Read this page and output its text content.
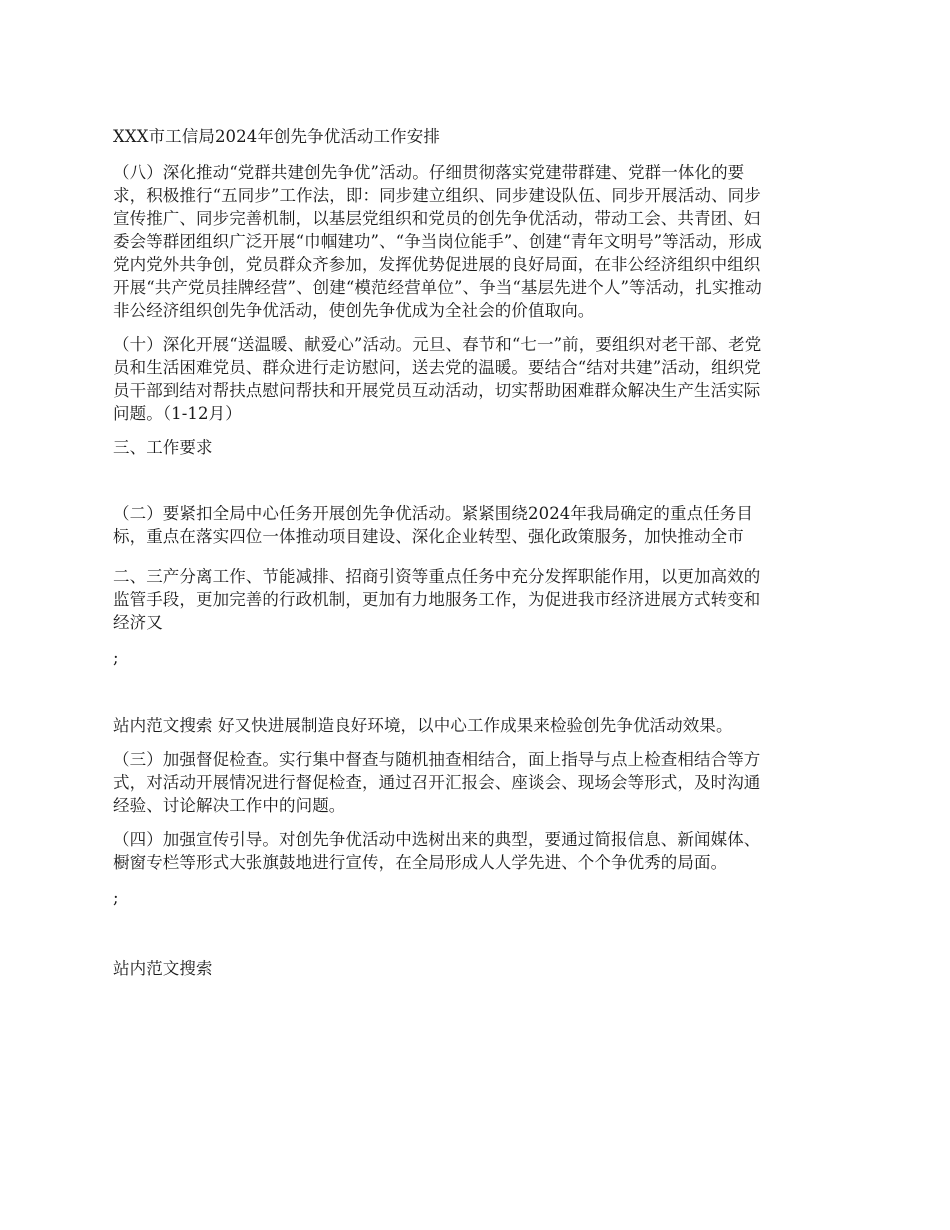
XXX市工信局2024年创先争优活动工作安排

（八）深化推动“党群共建创先争优”活动。仔细贯彻落实党建带群建、党群一体化的要

求，积极推行“五同步”工作法，即：同步建立组织、同步建设队伍、同步开展活动、同步

宣传推广、同步完善机制，以基层党组织和党员的创先争优活动，带动工会、共青团、妇

委会等群团组织广泛开展“巾帼建功”、“争当岗位能手”、创建“青年文明号”等活动，形成

党内党外共争创，党员群众齐参加，发挥优势促进展的良好局面，在非公经济组织中组织

开展“共产党员挂牌经营”、创建“模范经营单位”、争当“基层先进个人”等活动，扎实推动

非公经济组织创先争优活动，使创先争优成为全社会的价值取向。

（十）深化开展“送温暖、献爱心”活动。元旦、春节和“七一”前，要组织对老干部、老党

员和生活困难党员、群众进行走访慰问，送去党的温暖。要结合“结对共建”活动，组织党

员干部到结对帮扶点慰问帮扶和开展党员互动活动，切实帮助困难群众解决生产生活实际

问题。（1-12月）

三、工作要求

（二）要紧扣全局中心任务开展创先争优活动。紧紧围绕2024年我局确定的重点任务目

标，重点在落实四位一体推动项目建设、深化企业转型、强化政策服务，加快推动全市

二、三产分离工作、节能减排、招商引资等重点任务中充分发挥职能作用，以更加高效的

监管手段，更加完善的行政机制，更加有力地服务工作，为促进我市经济进展方式转变和

经济又

;

站内范文搜索 好又快进展制造良好环境，以中心工作成果来检验创先争优活动效果。

（三）加强督促检查。实行集中督查与随机抽查相结合，面上指导与点上检查相结合等方

式，对活动开展情况进行督促检查，通过召开汇报会、座谈会、现场会等形式，及时沟通

经验、讨论解决工作中的问题。

（四）加强宣传引导。对创先争优活动中选树出来的典型，要通过简报信息、新闻媒体、

橱窗专栏等形式大张旗鼓地进行宣传，在全局形成人人学先进、个个争优秀的局面。

;

站内范文搜索
